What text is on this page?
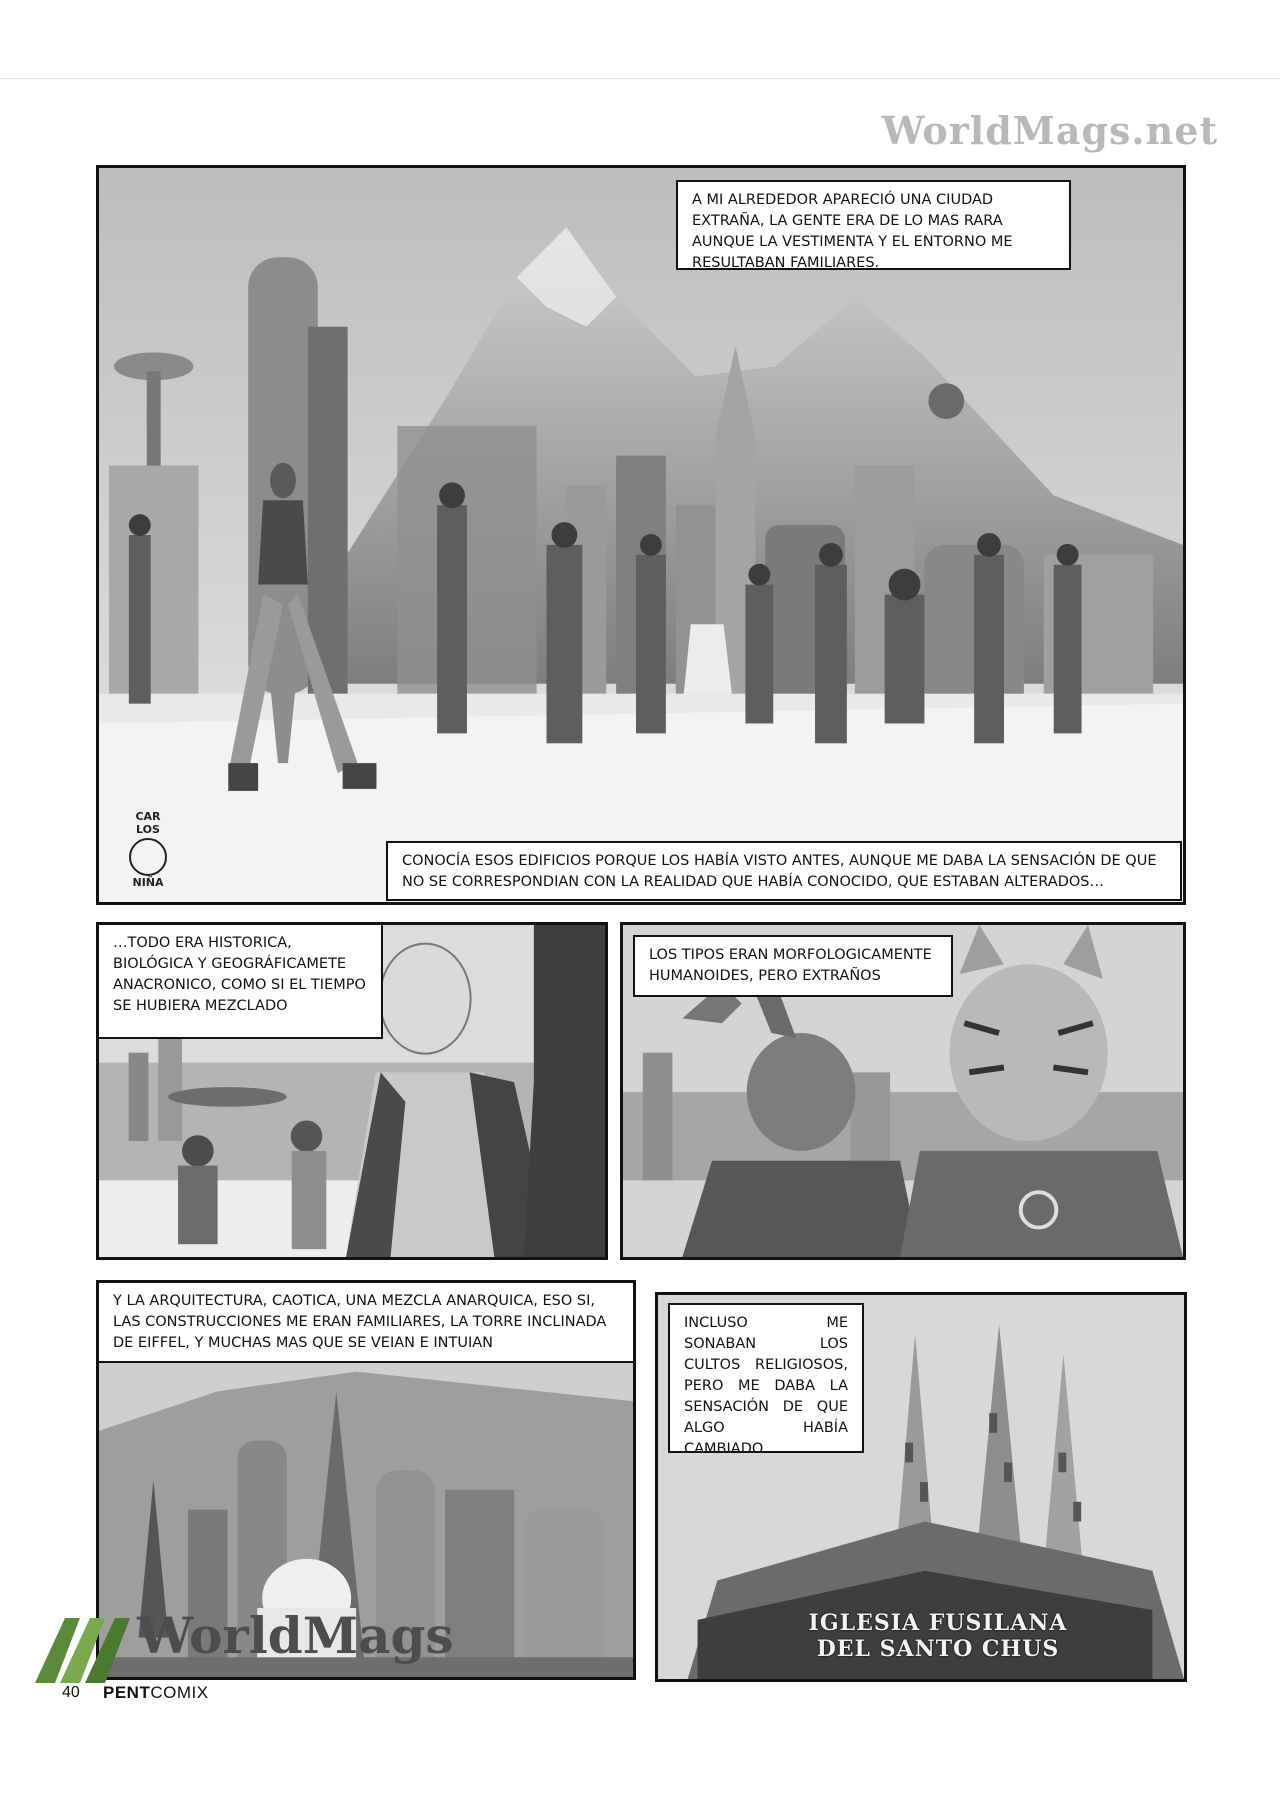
WorldMags.net
A MI ALREDEDOR APARECIÓ UNA CIUDAD EXTRAÑA, LA GENTE ERA DE LO MAS RARA AUNQUE LA VESTIMENTA Y EL ENTORNO ME RESULTABAN FAMILIARES.
CONOCÍA ESOS EDIFICIOS PORQUE LOS HABÍA VISTO ANTES, AUNQUE ME DABA LA SENSACIÓN DE QUE NO SE CORRESPONDIAN CON LA REALIDAD QUE HABÍA CONOCIDO, QUE ESTABAN ALTERADOS…
CAR
LOS
NIÑA
…TODO ERA HISTORICA, BIOLÓGICA Y GEOGRÁFICAMETE ANACRONICO, COMO SI EL TIEMPO SE HUBIERA MEZCLADO
LOS TIPOS ERAN MORFOLOGICAMENTE HUMANOIDES, PERO EXTRAÑOS
Y LA ARQUITECTURA, CAOTICA, UNA MEZCLA ANARQUICA, ESO SI, LAS CONSTRUCCIONES ME ERAN FAMILIARES, LA TORRE INCLINADA DE EIFFEL, Y MUCHAS MAS QUE SE VEIAN E INTUIAN
INCLUSO ME SONABAN LOS CULTOS RELIGIOSOS, PERO ME DABA LA SENSACIÓN DE QUE ALGO HABÍA CAMBIADO
IGLESIA FUSILANA
DEL SANTO CHUS
WorldMags
40 PENTCOMIX
